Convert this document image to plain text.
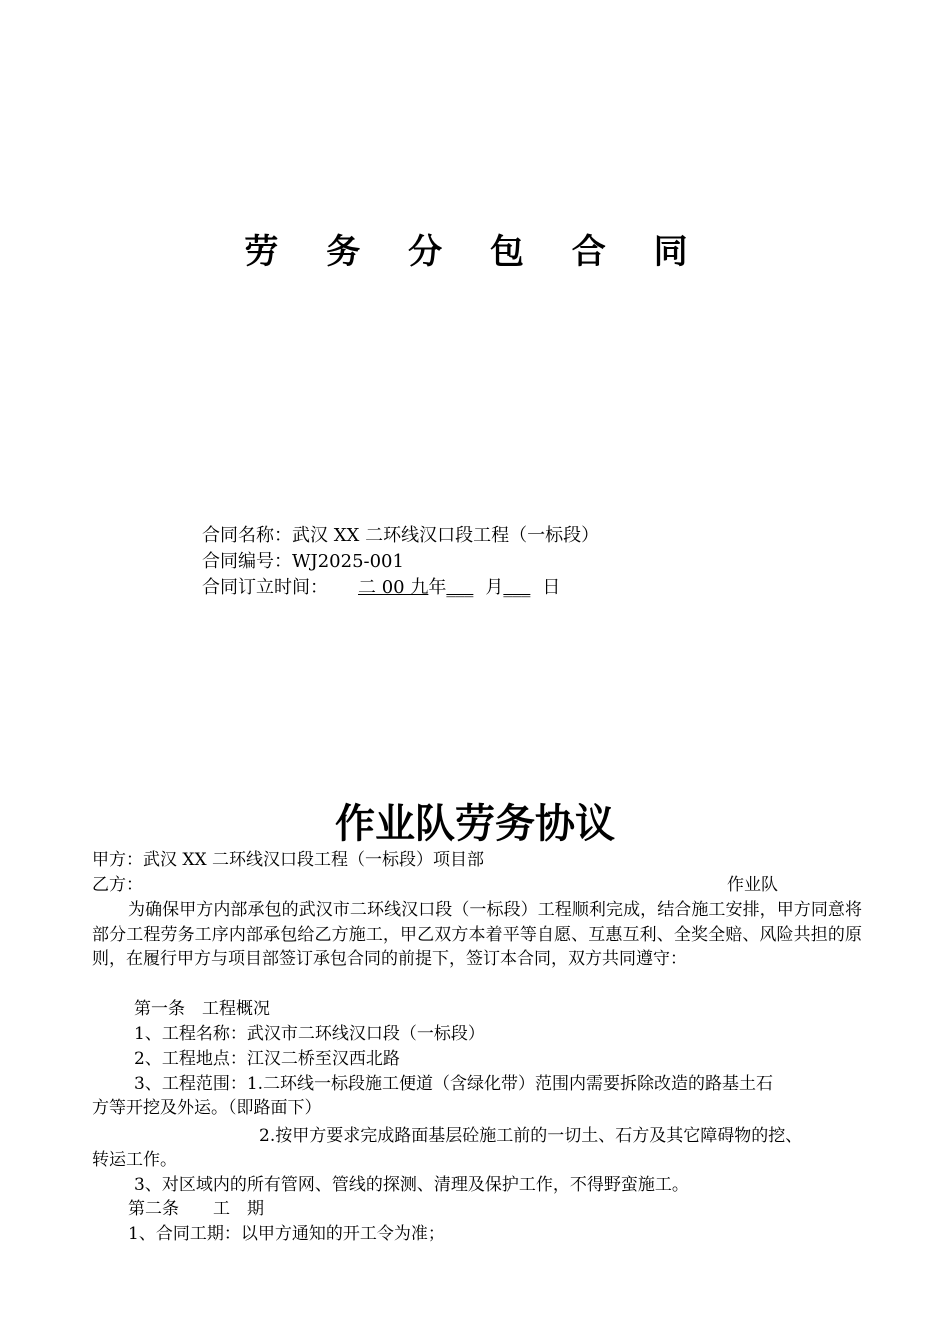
劳 务 分 包 合 同
合同名称：武汉 XX 二环线汉口段工程（一标段）
合同编号：WJ2025-001
合同订立时间： 二 00 九年___ 月___ 日
作业队劳务协议
甲方：武汉 XX 二环线汉口段工程（一标段）项目部
乙方：	作业队
为确保甲方内部承包的武汉市二环线汉口段（一标段）工程顺利完成，结合施工安排，甲方同意将部分工程劳务工序内部承包给乙方施工，甲乙双方本着平等自愿、互惠互利、全奖全赔、风险共担的原则，在履行甲方与项目部签订承包合同的前提下，签订本合同，双方共同遵守：
第一条　工程概况
1、工程名称：武汉市二环线汉口段（一标段）
2、工程地点：江汉二桥至汉西北路
3、工程范围：1.二环线一标段施工便道（含绿化带）范围内需要拆除改造的路基土石
方等开挖及外运。（即路面下）
2.按甲方要求完成路面基层砼施工前的一切土、石方及其它障碍物的挖、
转运工作。
3、对区域内的所有管网、管线的探测、清理及保护工作，不得野蛮施工。
第二条　　工　期
1、合同工期：以甲方通知的开工令为准；
